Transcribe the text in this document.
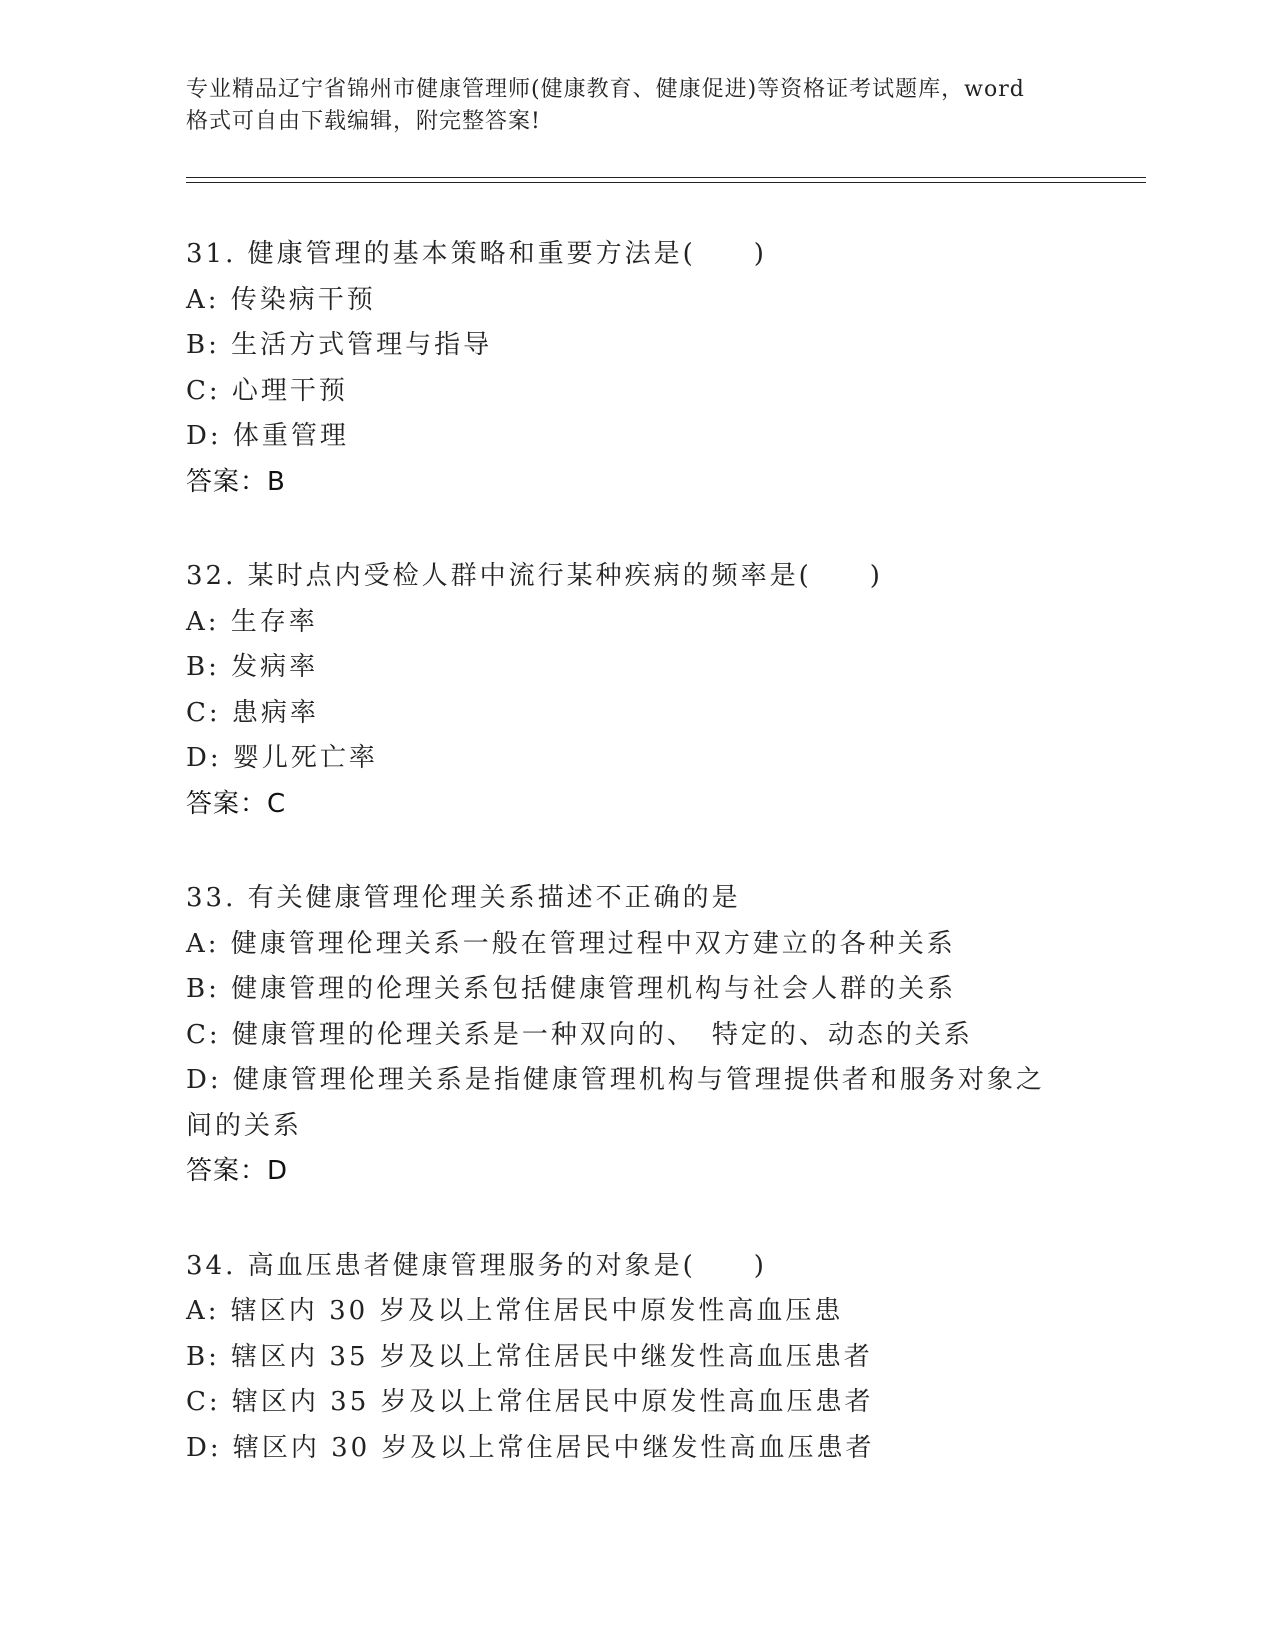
专业精品辽宁省锦州市健康管理师(健康教育、健康促进)等资格证考试题库，word
格式可自由下载编辑，附完整答案!
31. 健康管理的基本策略和重要方法是(　　)
A: 传染病干预
B: 生活方式管理与指导
C: 心理干预
D: 体重管理
答案：B
32. 某时点内受检人群中流行某种疾病的频率是(　　)
A: 生存率
B: 发病率
C: 患病率
D: 婴儿死亡率
答案：C
33. 有关健康管理伦理关系描述不正确的是
A: 健康管理伦理关系一般在管理过程中双方建立的各种关系
B: 健康管理的伦理关系包括健康管理机构与社会人群的关系
C: 健康管理的伦理关系是一种双向的、　特定的、动态的关系
D: 健康管理伦理关系是指健康管理机构与管理提供者和服务对象之间的关系
答案：D
34. 高血压患者健康管理服务的对象是(　　)
A: 辖区内 30 岁及以上常住居民中原发性高血压患
B: 辖区内 35 岁及以上常住居民中继发性高血压患者
C: 辖区内 35 岁及以上常住居民中原发性高血压患者
D: 辖区内 30 岁及以上常住居民中继发性高血压患者
